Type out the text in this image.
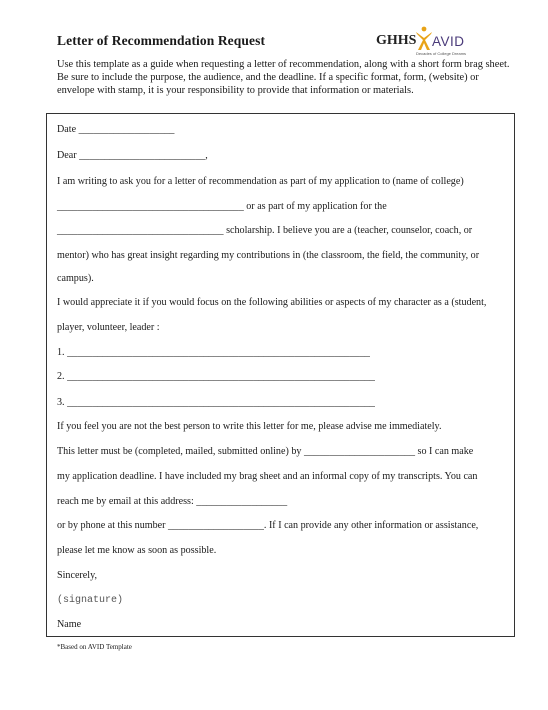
Letter of Recommendation Request	GHHS AVID
Decades of College Dreams
Use this template as a guide when requesting a letter of recommendation, along with a short form brag sheet. Be sure to include the purpose, the audience, and the deadline. If a specific format, form, (website) or envelope with stamp, it is your responsibility to provide that information or materials.
Date ___________________
Dear _________________________,
I am writing to ask you for a letter of recommendation as part of my application to (name of college)
_____________________________________ or as part of my application for the
_________________________________ scholarship. I believe you are a (teacher, counselor, coach, or
mentor) who has great insight regarding my contributions in (the classroom, the field, the community, or
campus).
I would appreciate it if you would focus on the following abilities or aspects of my character as a (student,
player, volunteer, leader :
1. ____________________________________________________________
2. _____________________________________________________________
3. _____________________________________________________________
If you feel you are not the best person to write this letter for me, please advise me immediately.
This letter must be (completed, mailed, submitted online) by ______________________ so I can make
my application deadline. I have included my brag sheet and an informal copy of my transcripts. You can
reach me by email at this address: __________________
or by phone at this number ___________________. If I can provide any other information or assistance,
please let me know as soon as possible.
Sincerely,
(signature)
Name
*Based on AVID Template
